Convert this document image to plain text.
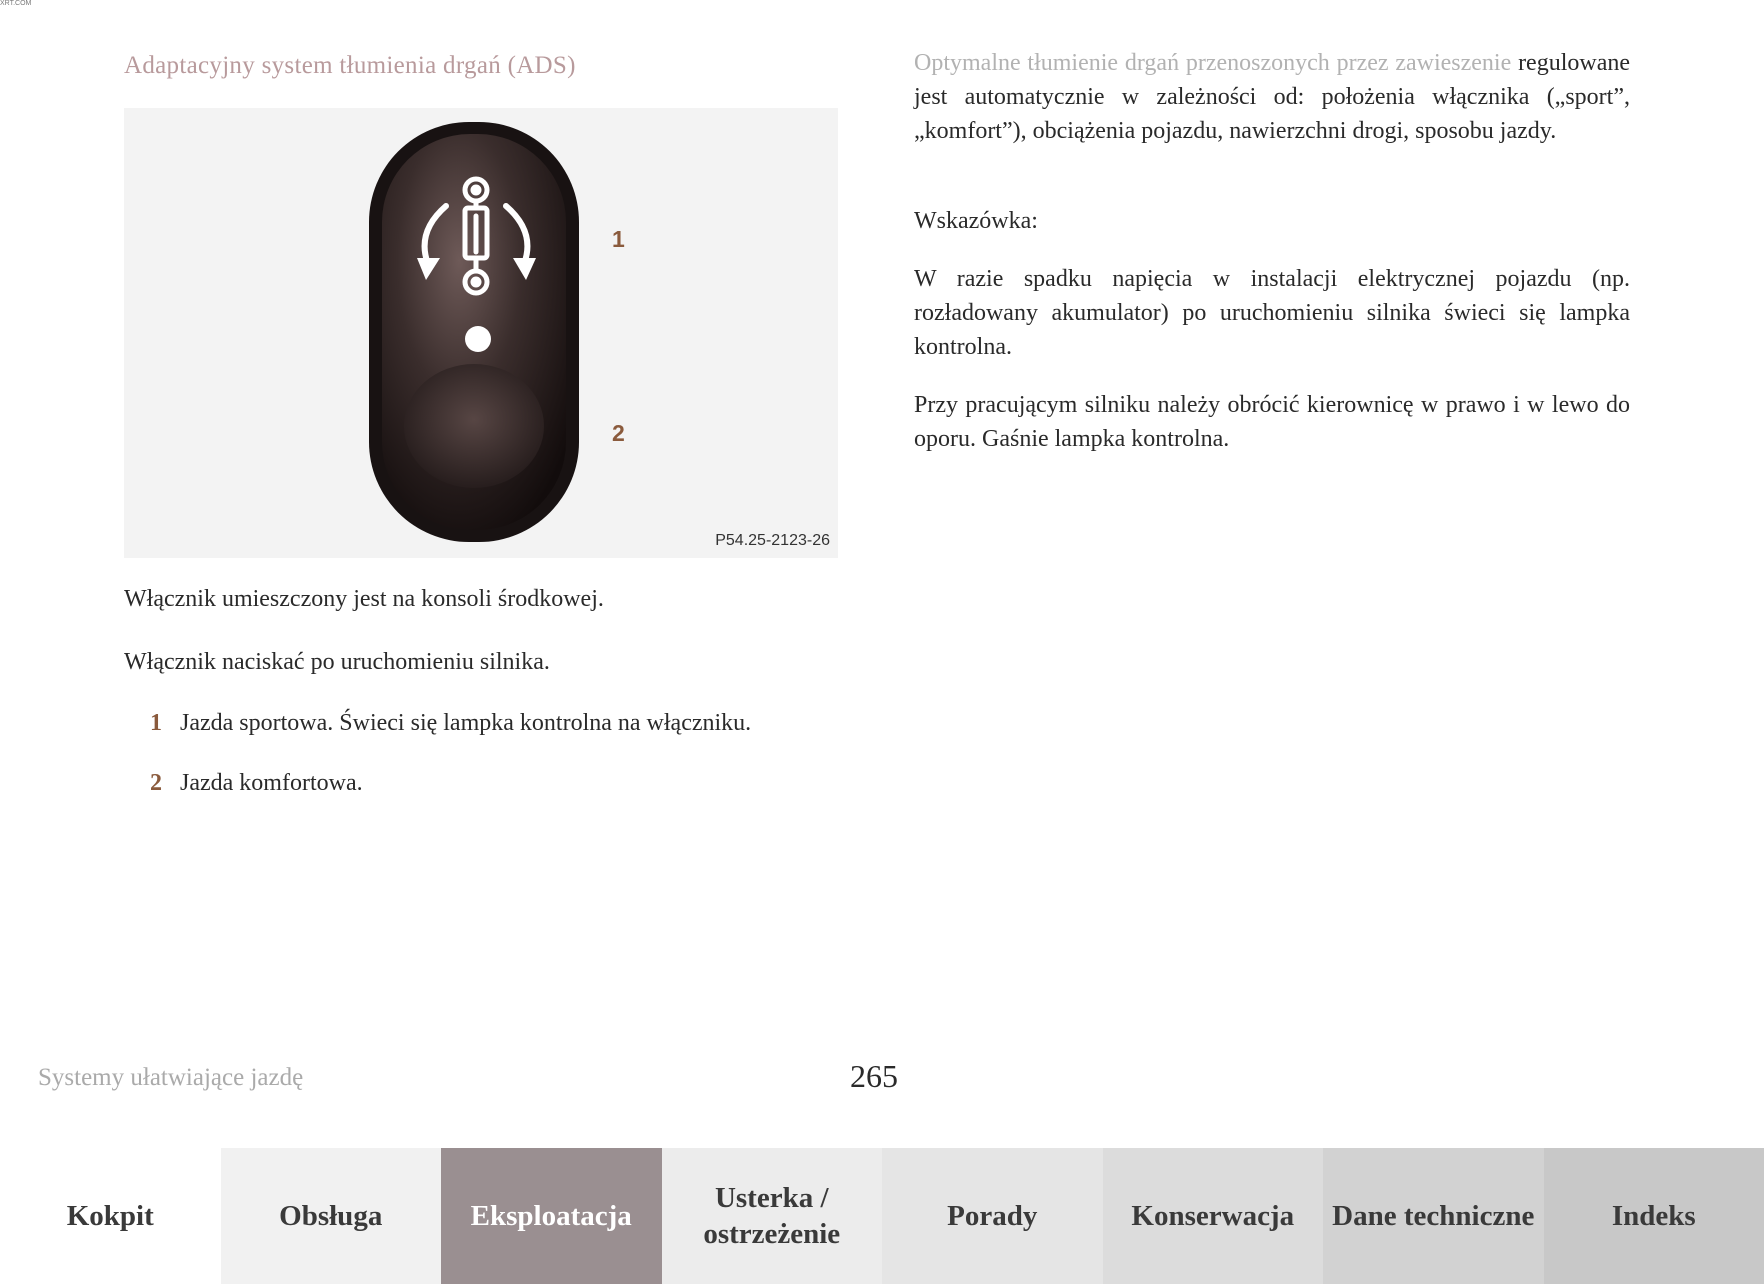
XRT.COM
Adaptacyjny system tłumienia drgań (ADS)
1
2
P54.25-2123-26

Włącznik umieszczony jest na konsoli środkowej.

Włącznik naciskać po uruchomieniu silnika.

1 Jazda sportowa. Świeci się lampka kontrolna na włączniku.
2 Jazda komfortowa.

Optymalne tłumienie drgań przenoszonych przez zawieszenie regulowane jest automatycznie w zależności od: położenia włącznika („sport”, „komfort”), obciążenia pojazdu, nawierzchni drogi, sposobu jazdy.

Wskazówka:

W razie spadku napięcia w instalacji elektrycznej pojazdu (np. rozładowany akumulator) po uruchomieniu silnika świeci się lampka kontrolna.

Przy pracującym silniku należy obrócić kierownicę w prawo i w lewo do oporu. Gaśnie lampka kontrolna.

Systemy ułatwiające jazdę	265
Kokpit	Obsługa	Eksploatacja
Usterka / ostrzeżenie
Porady	Konserwacja	Dane techniczne	Indeks
